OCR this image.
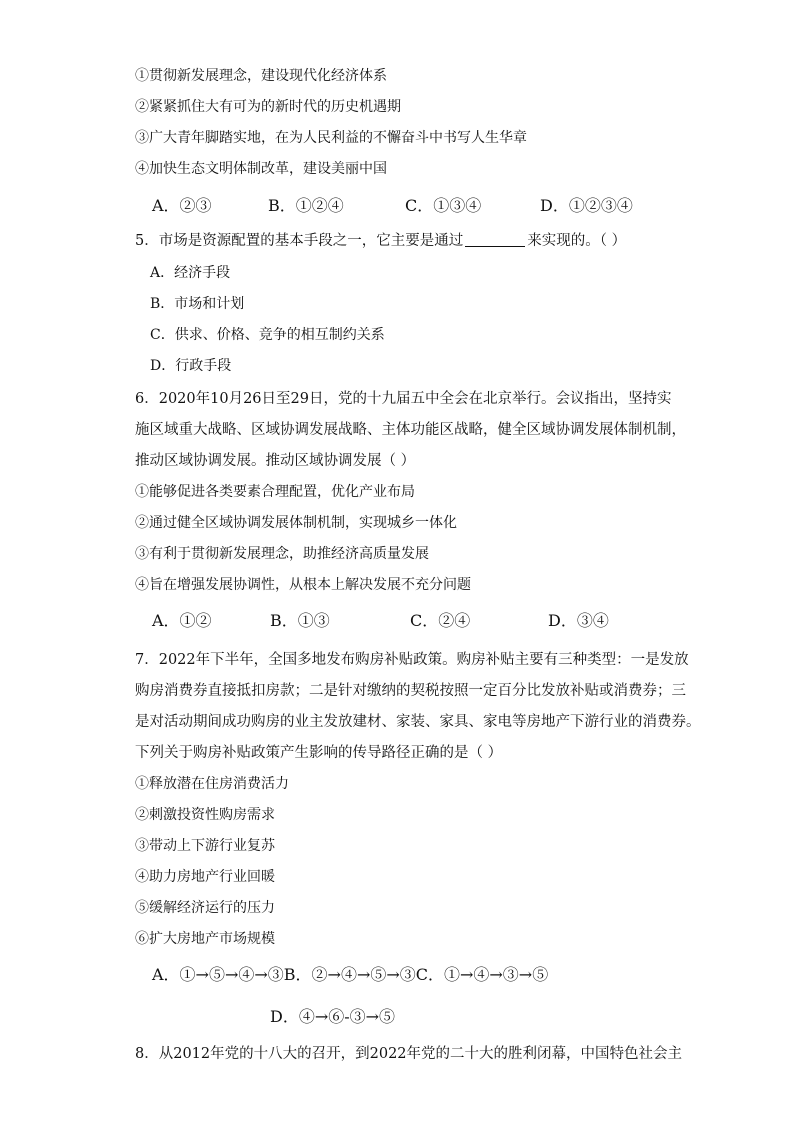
①贯彻新发展理念，建设现代化经济体系
②紧紧抓住大有可为的新时代的历史机遇期
③广大青年脚踏实地，在为人民利益的不懈奋斗中书写人生华章
④加快生态文明体制改革，建设美丽中国
A．②③	B．①②④	C．①③④	D．①②③④
5．市场是资源配置的基本手段之一，它主要是通过	来实现的。（ ）
A．经济手段
B．市场和计划
C．供求、价格、竞争的相互制约关系
D．行政手段
6．2020年10月26日至29日，党的十九届五中全会在北京举行。会议指出，坚持实
施区域重大战略、区域协调发展战略、主体功能区战略，健全区域协调发展体制机制，
推动区域协调发展。推动区域协调发展（ ）
①能够促进各类要素合理配置，优化产业布局
②通过健全区域协调发展体制机制，实现城乡一体化
③有利于贯彻新发展理念，助推经济高质量发展
④旨在增强发展协调性，从根本上解决发展不充分问题
A．①②	B．①③	C．②④	D．③④
7．2022年下半年，全国多地发布购房补贴政策。购房补贴主要有三种类型：一是发放
购房消费券直接抵扣房款；二是针对缴纳的契税按照一定百分比发放补贴或消费券；三
是对活动期间成功购房的业主发放建材、家装、家具、家电等房地产下游行业的消费券。
下列关于购房补贴政策产生影响的传导路径正确的是（ ）
①释放潜在住房消费活力
②刺激投资性购房需求
③带动上下游行业复苏
④助力房地产行业回暖
⑤缓解经济运行的压力
⑥扩大房地产市场规模
A．①→⑤→④→③B．②→④→⑤→③C．①→④→③→⑤
D．④→⑥-③→⑤
8．从2012年党的十八大的召开，到2022年党的二十大的胜利闭幕，中国特色社会主
